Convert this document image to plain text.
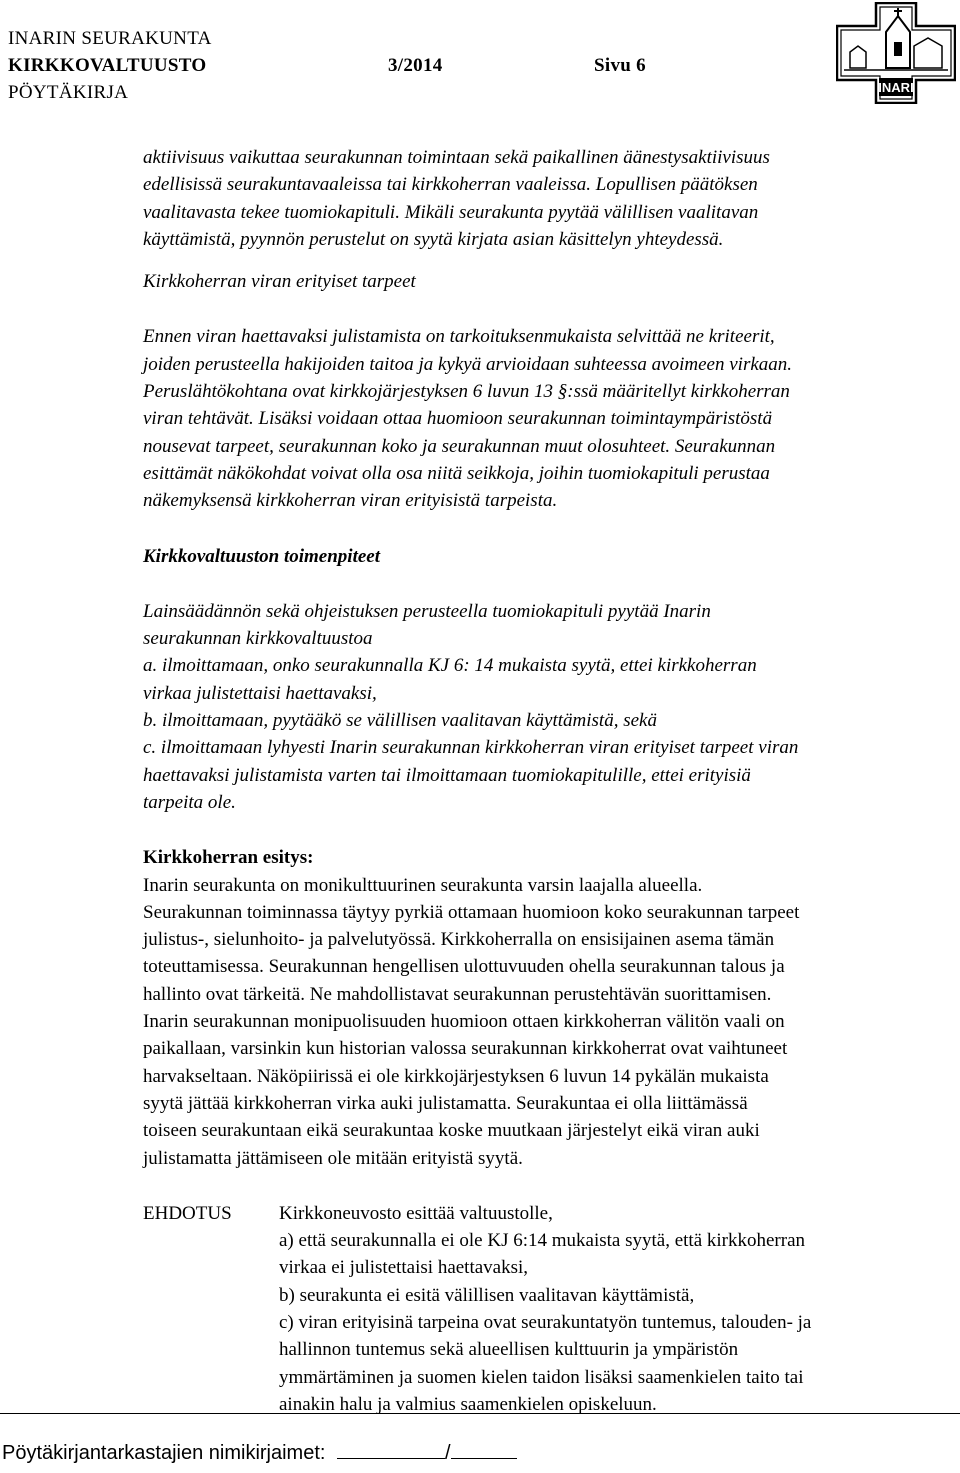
INARIN SEURAKUNTA
KIRKKOVALTUUSTO	3/2014	Sivu 6
PÖYTÄKIRJA	INARI

aktiivisuus vaikuttaa seurakunnan toimintaan sekä paikallinen äänestysaktiivisuus

edellisissä seurakuntavaaleissa tai kirkkoherran vaaleissa. Lopullisen päätöksen

vaalitavasta tekee tuomiokapituli. Mikäli seurakunta pyytää välillisen vaalitavan

käyttämistä, pyynnön perustelut on syytä kirjata asian käsittelyn yhteydessä.

Kirkkoherran viran erityiset tarpeet

Ennen viran haettavaksi julistamista on tarkoituksenmukaista selvittää ne kriteerit,

joiden perusteella hakijoiden taitoa ja kykyä arvioidaan suhteessa avoimeen virkaan.

Peruslähtökohtana ovat kirkkojärjestyksen 6 luvun 13 §:ssä määritellyt kirkkoherran

viran tehtävät. Lisäksi voidaan ottaa huomioon seurakunnan toimintaympäristöstä

nousevat tarpeet, seurakunnan koko ja seurakunnan muut olosuhteet. Seurakunnan

esittämät näkökohdat voivat olla osa niitä seikkoja, joihin tuomiokapituli perustaa

näkemyksensä kirkkoherran viran erityisistä tarpeista.

Kirkkovaltuuston toimenpiteet

Lainsäädännön sekä ohjeistuksen perusteella tuomiokapituli pyytää Inarin

seurakunnan kirkkovaltuustoa

a. ilmoittamaan, onko seurakunnalla KJ 6: 14 mukaista syytä, ettei kirkkoherran

virkaa julistettaisi haettavaksi,

b. ilmoittamaan, pyytääkö se välillisen vaalitavan käyttämistä, sekä

c. ilmoittamaan lyhyesti Inarin seurakunnan kirkkoherran viran erityiset tarpeet viran

haettavaksi julistamista varten tai ilmoittamaan tuomiokapitulille, ettei erityisiä

tarpeita ole.

Kirkkoherran esitys:

Inarin seurakunta on monikulttuurinen seurakunta varsin laajalla alueella.

Seurakunnan toiminnassa täytyy pyrkiä ottamaan huomioon koko seurakunnan tarpeet

julistus-, sielunhoito- ja palvelutyössä. Kirkkoherralla on ensisijainen asema tämän

toteuttamisessa. Seurakunnan hengellisen ulottuvuuden ohella seurakunnan talous ja

hallinto ovat tärkeitä. Ne mahdollistavat seurakunnan perustehtävän suorittamisen.

Inarin seurakunnan monipuolisuuden huomioon ottaen kirkkoherran välitön vaali on

paikallaan, varsinkin kun historian valossa seurakunnan kirkkoherrat ovat vaihtuneet

harvakseltaan. Näköpiirissä ei ole kirkkojärjestyksen 6 luvun 14 pykälän mukaista

syytä jättää kirkkoherran virka auki julistamatta. Seurakuntaa ei olla liittämässä

toiseen seurakuntaan eikä seurakuntaa koske muutkaan järjestelyt eikä viran auki

julistamatta jättämiseen ole mitään erityistä syytä.

EHDOTUS	Kirkkoneuvosto esittää valtuustolle,

a) että seurakunnalla ei ole KJ 6:14 mukaista syytä, että kirkkoherran

virkaa ei julistettaisi haettavaksi,

b) seurakunta ei esitä välillisen vaalitavan käyttämistä,

c) viran erityisinä tarpeina ovat seurakuntatyön tuntemus, talouden- ja

hallinnon tuntemus sekä alueellisen kulttuurin ja ympäristön

ymmärtäminen ja suomen kielen taidon lisäksi saamenkielen taito tai

ainakin halu ja valmius saamenkielen opiskeluun.

Pöytäkirjantarkastajien nimikirjaimet:	/
